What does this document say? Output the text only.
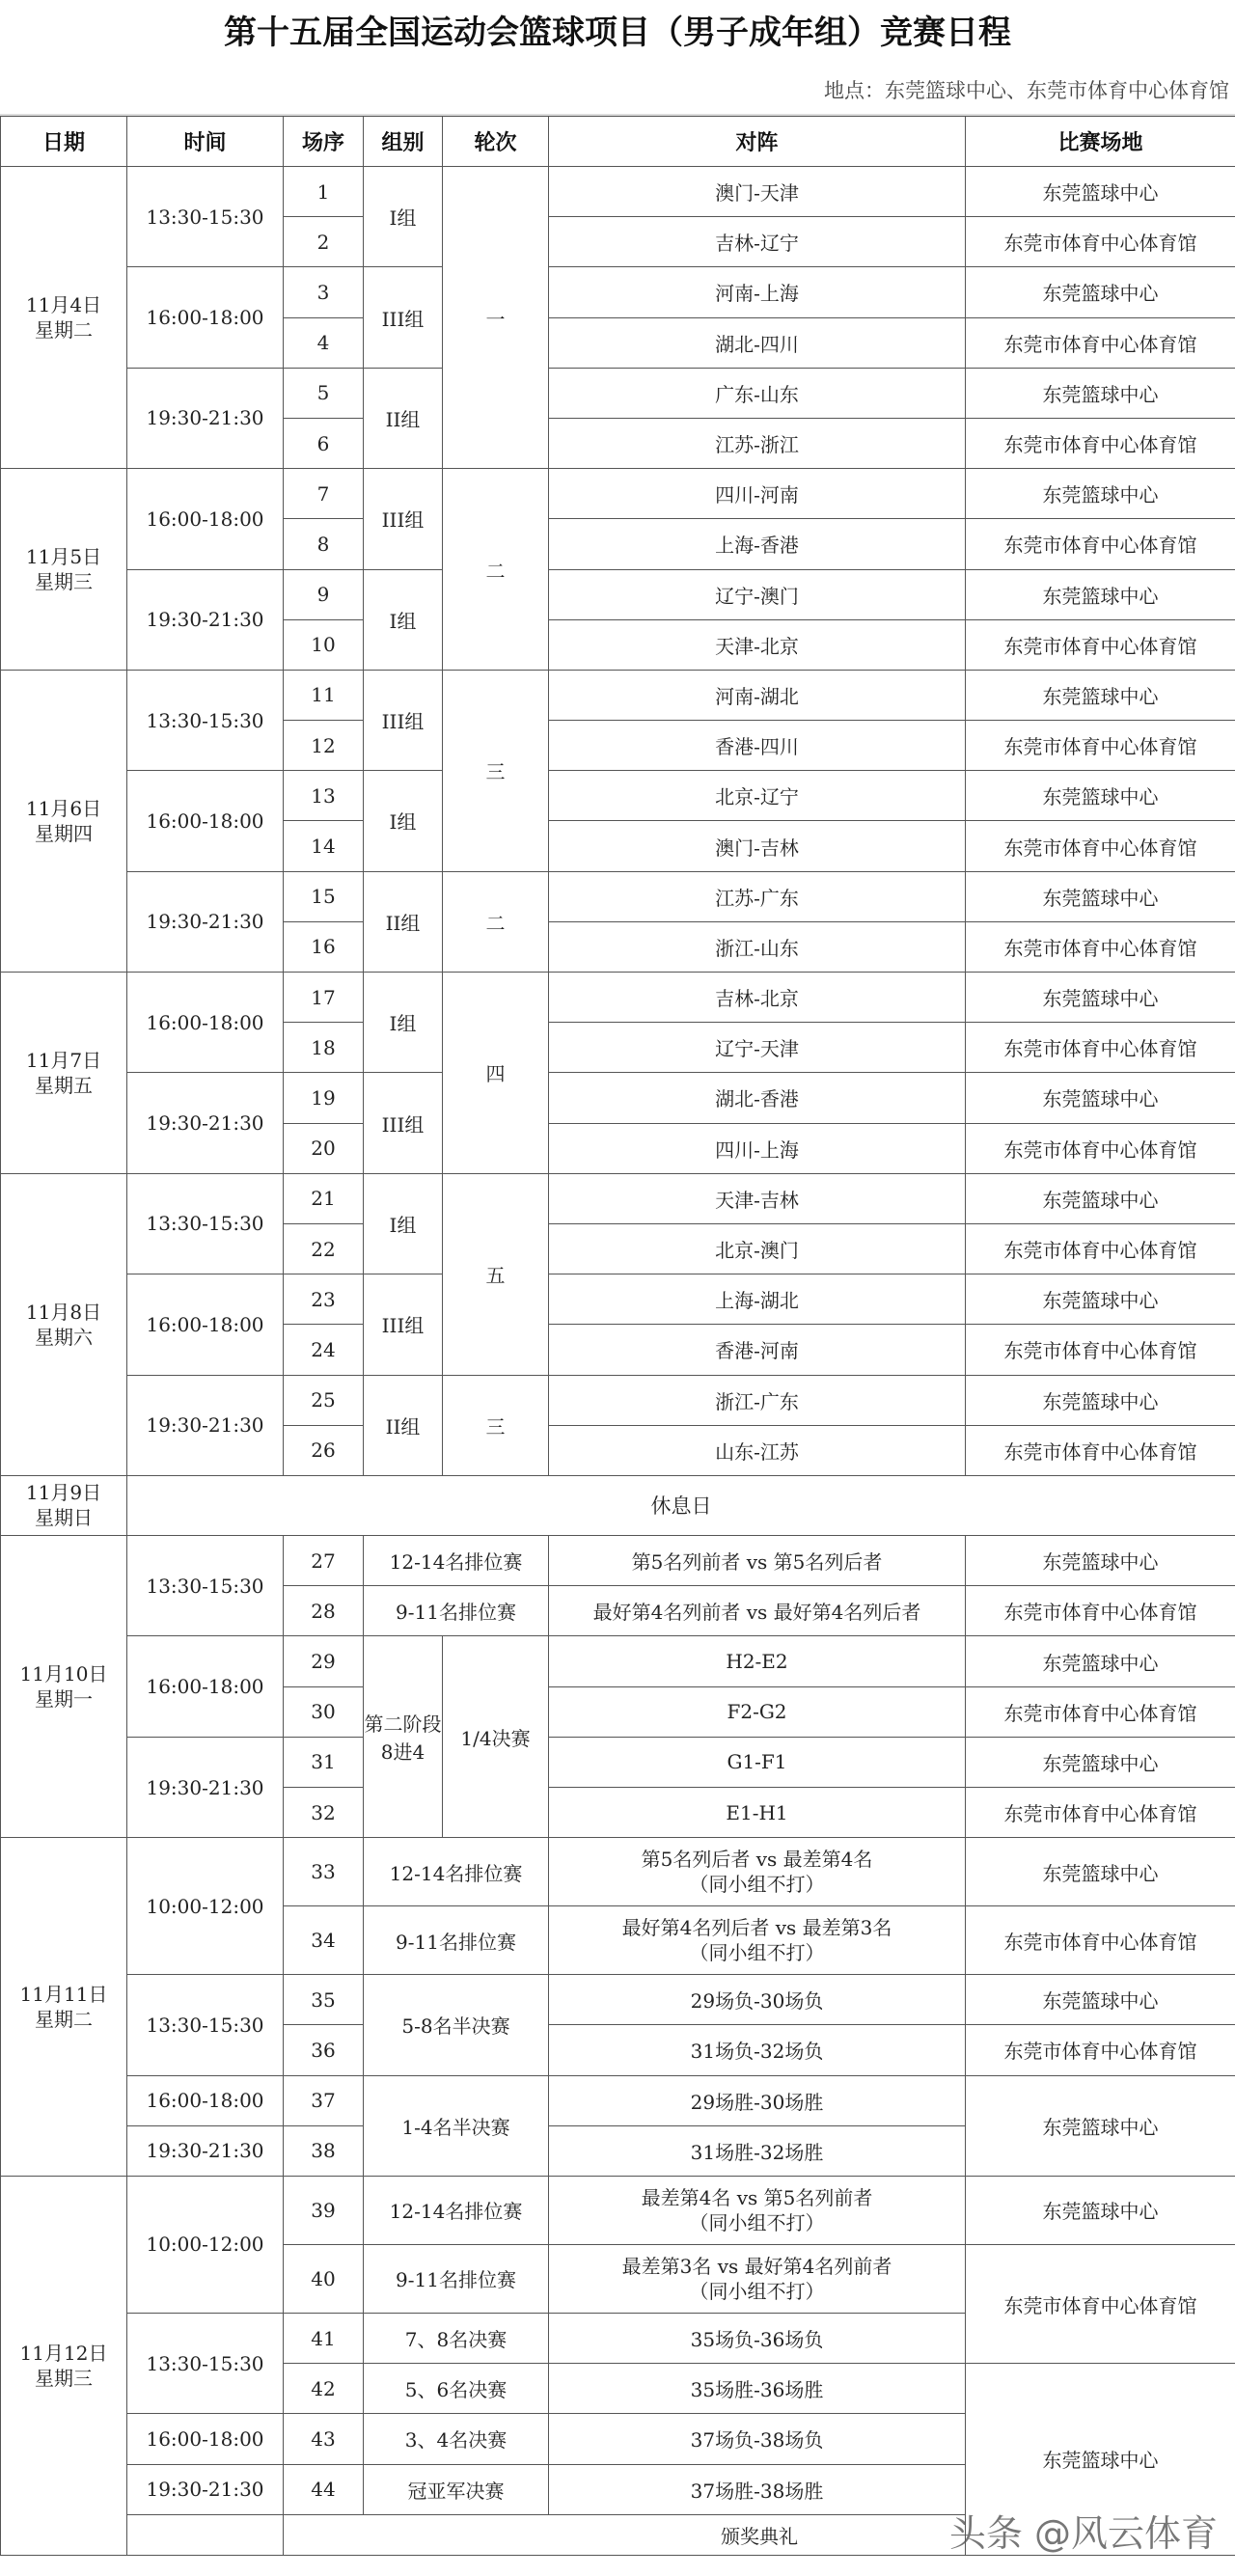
第十五届全国运动会篮球项目（男子成年组）竞赛日程
地点：东莞篮球中心、东莞市体育中心体育馆
日期	时间	场序	组别	轮次	对阵	比赛场地

11月4日
星期二	13:30-15:30	1	I组	一	澳门-天津	东莞篮球中心
		2			吉林-辽宁	东莞市体育中心体育馆
	16:00-18:00	3	III组		河南-上海	东莞篮球中心
		4			湖北-四川	东莞市体育中心体育馆
	19:30-21:30	5	II组		广东-山东	东莞篮球中心
		6			江苏-浙江	东莞市体育中心体育馆

11月5日
星期三	16:00-18:00	7	III组	二	四川-河南	东莞篮球中心
		8			上海-香港	东莞市体育中心体育馆
	19:30-21:30	9	I组		辽宁-澳门	东莞篮球中心
		10			天津-北京	东莞市体育中心体育馆

11月6日
星期四	13:30-15:30	11	III组	三	河南-湖北	东莞篮球中心
		12			香港-四川	东莞市体育中心体育馆
	16:00-18:00	13	I组		北京-辽宁	东莞篮球中心
		14			澳门-吉林	东莞市体育中心体育馆
	19:30-21:30	15	II组	二	江苏-广东	东莞篮球中心
		16			浙江-山东	东莞市体育中心体育馆

11月7日
星期五	16:00-18:00	17	I组	四	吉林-北京	东莞篮球中心
		18			辽宁-天津	东莞市体育中心体育馆
	19:30-21:30	19	III组		湖北-香港	东莞篮球中心
		20			四川-上海	东莞市体育中心体育馆

11月8日
星期六	13:30-15:30	21	I组	五	天津-吉林	东莞篮球中心
		22			北京-澳门	东莞市体育中心体育馆
	16:00-18:00	23	III组		上海-湖北	东莞篮球中心
		24			香港-河南	东莞市体育中心体育馆
	19:30-21:30	25	II组	三	浙江-广东	东莞篮球中心
		26			山东-江苏	东莞市体育中心体育馆

11月9日
星期日	休息日					

11月10日
星期一	13:30-15:30	27	12-14名排位赛		第5名列前者 vs 第5名列后者	东莞篮球中心
		28	9-11名排位赛		最好第4名列前者 vs 最好第4名列后者	东莞市体育中心体育馆
	16:00-18:00	29	第二阶段8进4	1/4决赛	H2-E2	东莞篮球中心
		30			F2-G2	东莞市体育中心体育馆
	19:30-21:30	31			G1-F1	东莞篮球中心
		32			E1-H1	东莞市体育中心体育馆

11月11日
星期二	10:00-12:00	33	12-14名排位赛		第5名列后者 vs 最差第4名
（同小组不打）	东莞篮球中心
		34	9-11名排位赛		最好第4名列后者 vs 最差第3名
（同小组不打）	东莞市体育中心体育馆
	13:30-15:30	35	5-8名半决赛		29场负-30场负	东莞篮球中心
		36			31场负-32场负	东莞市体育中心体育馆
	16:00-18:00	37	1-4名半决赛		29场胜-30场胜	东莞篮球中心
	19:30-21:30	38			31场胜-32场胜	

11月12日
星期三	10:00-12:00	39	12-14名排位赛		最差第4名 vs 第5名列前者
（同小组不打）	东莞篮球中心
		40	9-11名排位赛		最差第3名 vs 最好第4名列前者
（同小组不打）	东莞市体育中心体育馆
	13:30-15:30	41	7、8名决赛		35场负-36场负	
		42	5、6名决赛		35场胜-36场胜	东莞篮球中心
	16:00-18:00	43	3、4名决赛		37场负-38场负	
	19:30-21:30	44	冠亚军决赛		37场胜-38场胜	
		颁奖典礼					头条 @风云体育
